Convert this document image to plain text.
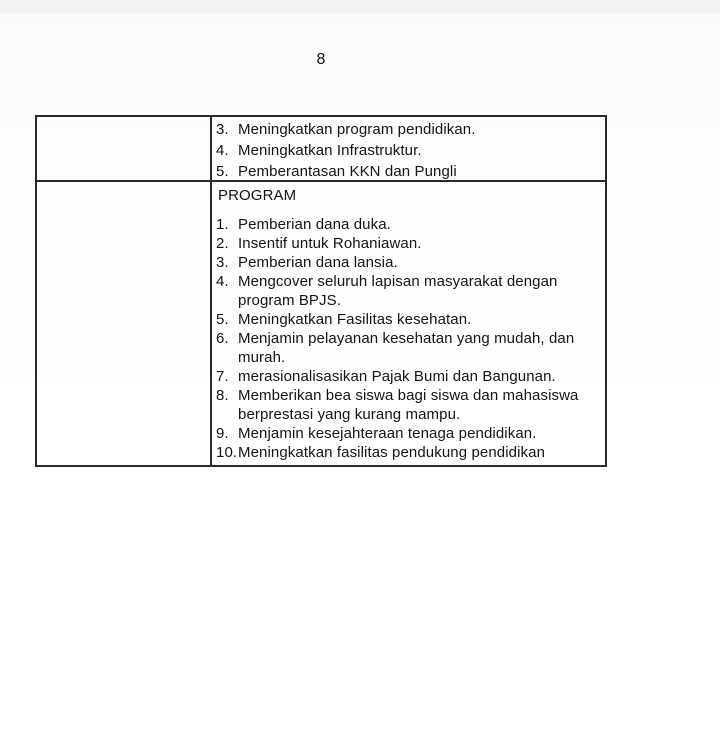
8
3. Meningkatkan program pendidikan.
4. Meningkatkan Infrastruktur.
5. Pemberantasan KKN dan Pungli
PROGRAM
1. Pemberian dana duka.
2. Insentif untuk Rohaniawan.
3. Pemberian dana lansia.
4. Mengcover seluruh lapisan masyarakat dengan program BPJS.
5. Meningkatkan Fasilitas kesehatan.
6. Menjamin pelayanan kesehatan yang mudah, dan murah.
7. merasionalisasikan Pajak Bumi dan Bangunan.
8. Memberikan bea siswa bagi siswa dan mahasiswa berprestasi yang kurang mampu.
9. Menjamin kesejahteraan tenaga pendidikan.
10. Meningkatkan fasilitas pendukung pendidikan
